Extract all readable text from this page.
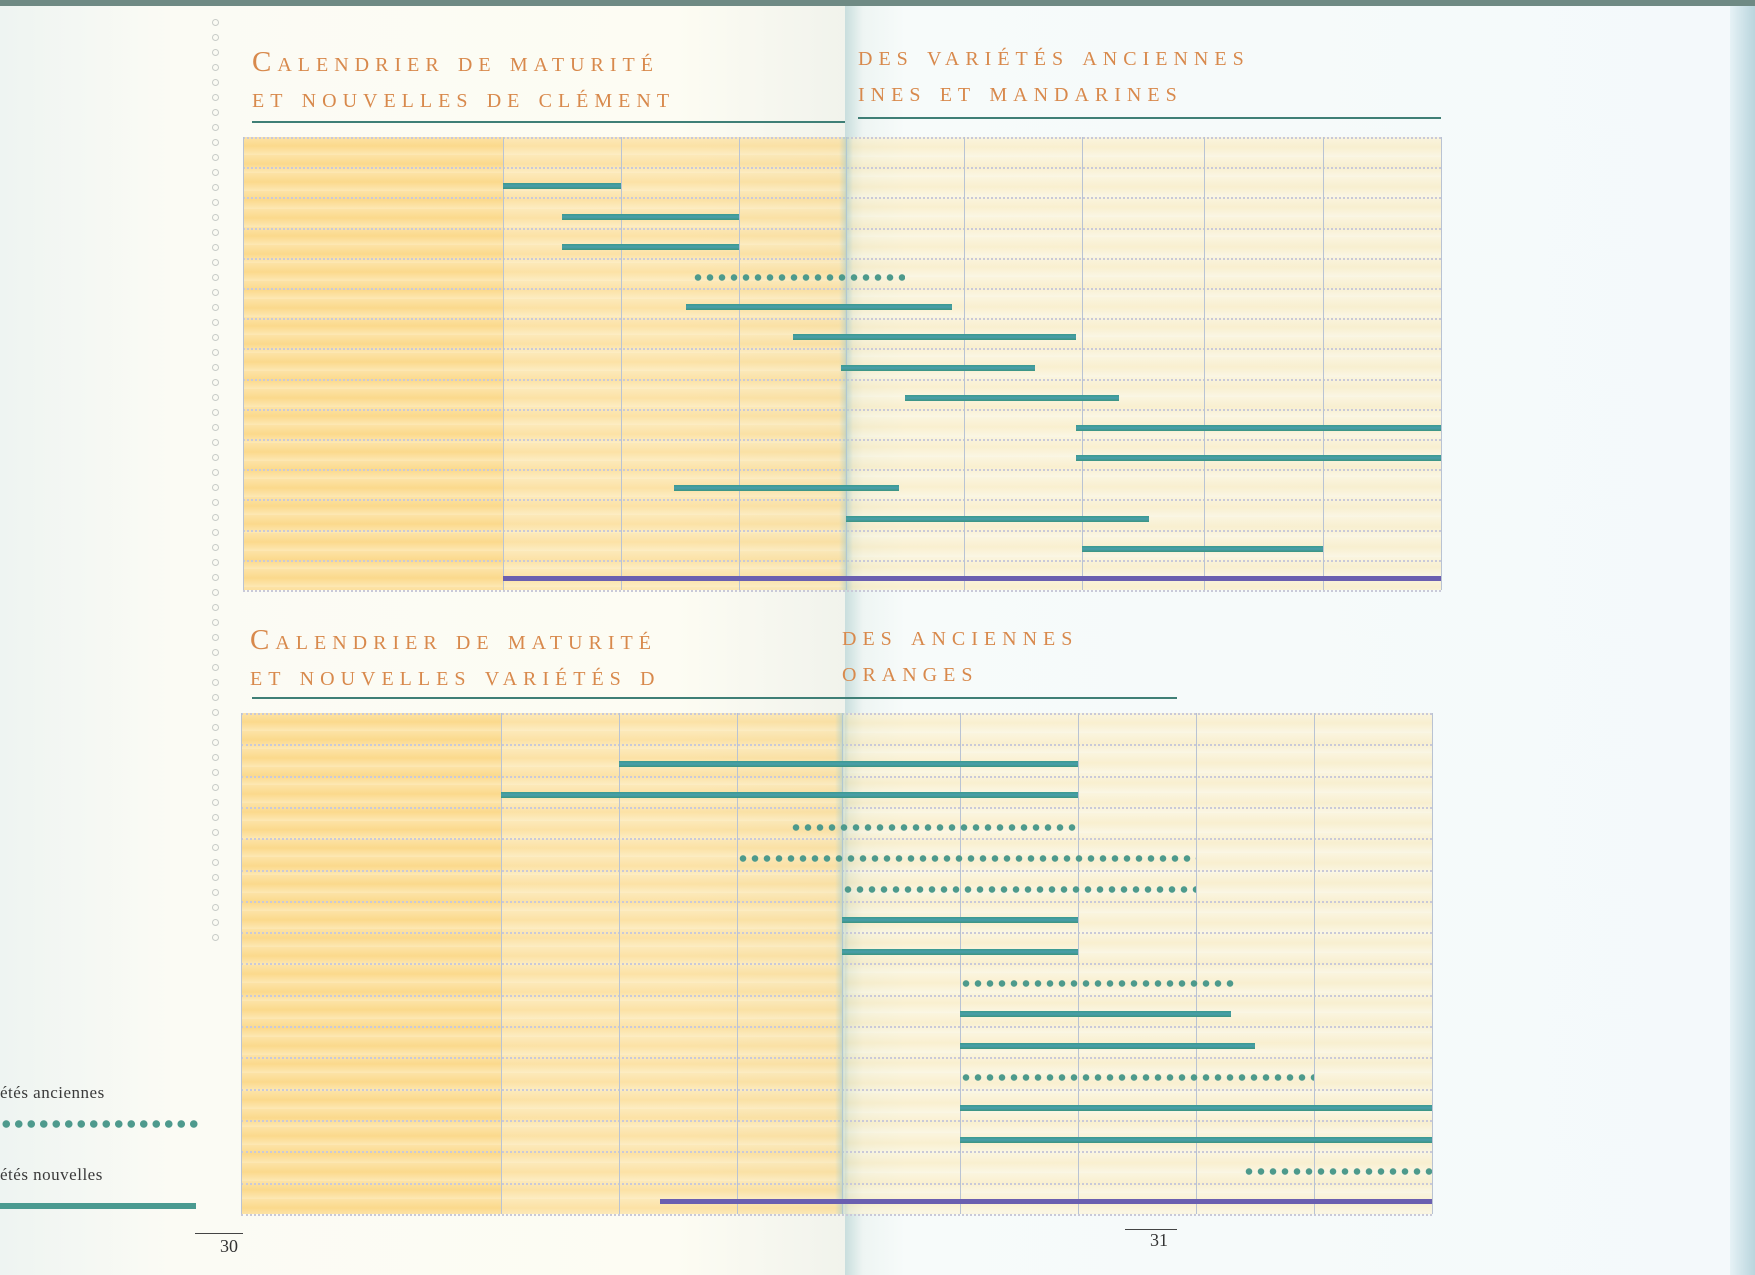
étés anciennes
étés nouvelles
Calendrier de maturité	des variétés anciennes
et nouvelles de clément	ines et mandarines
Calendrier de maturité	des anciennes
et nouvelles variétés d	oranges
30	31
